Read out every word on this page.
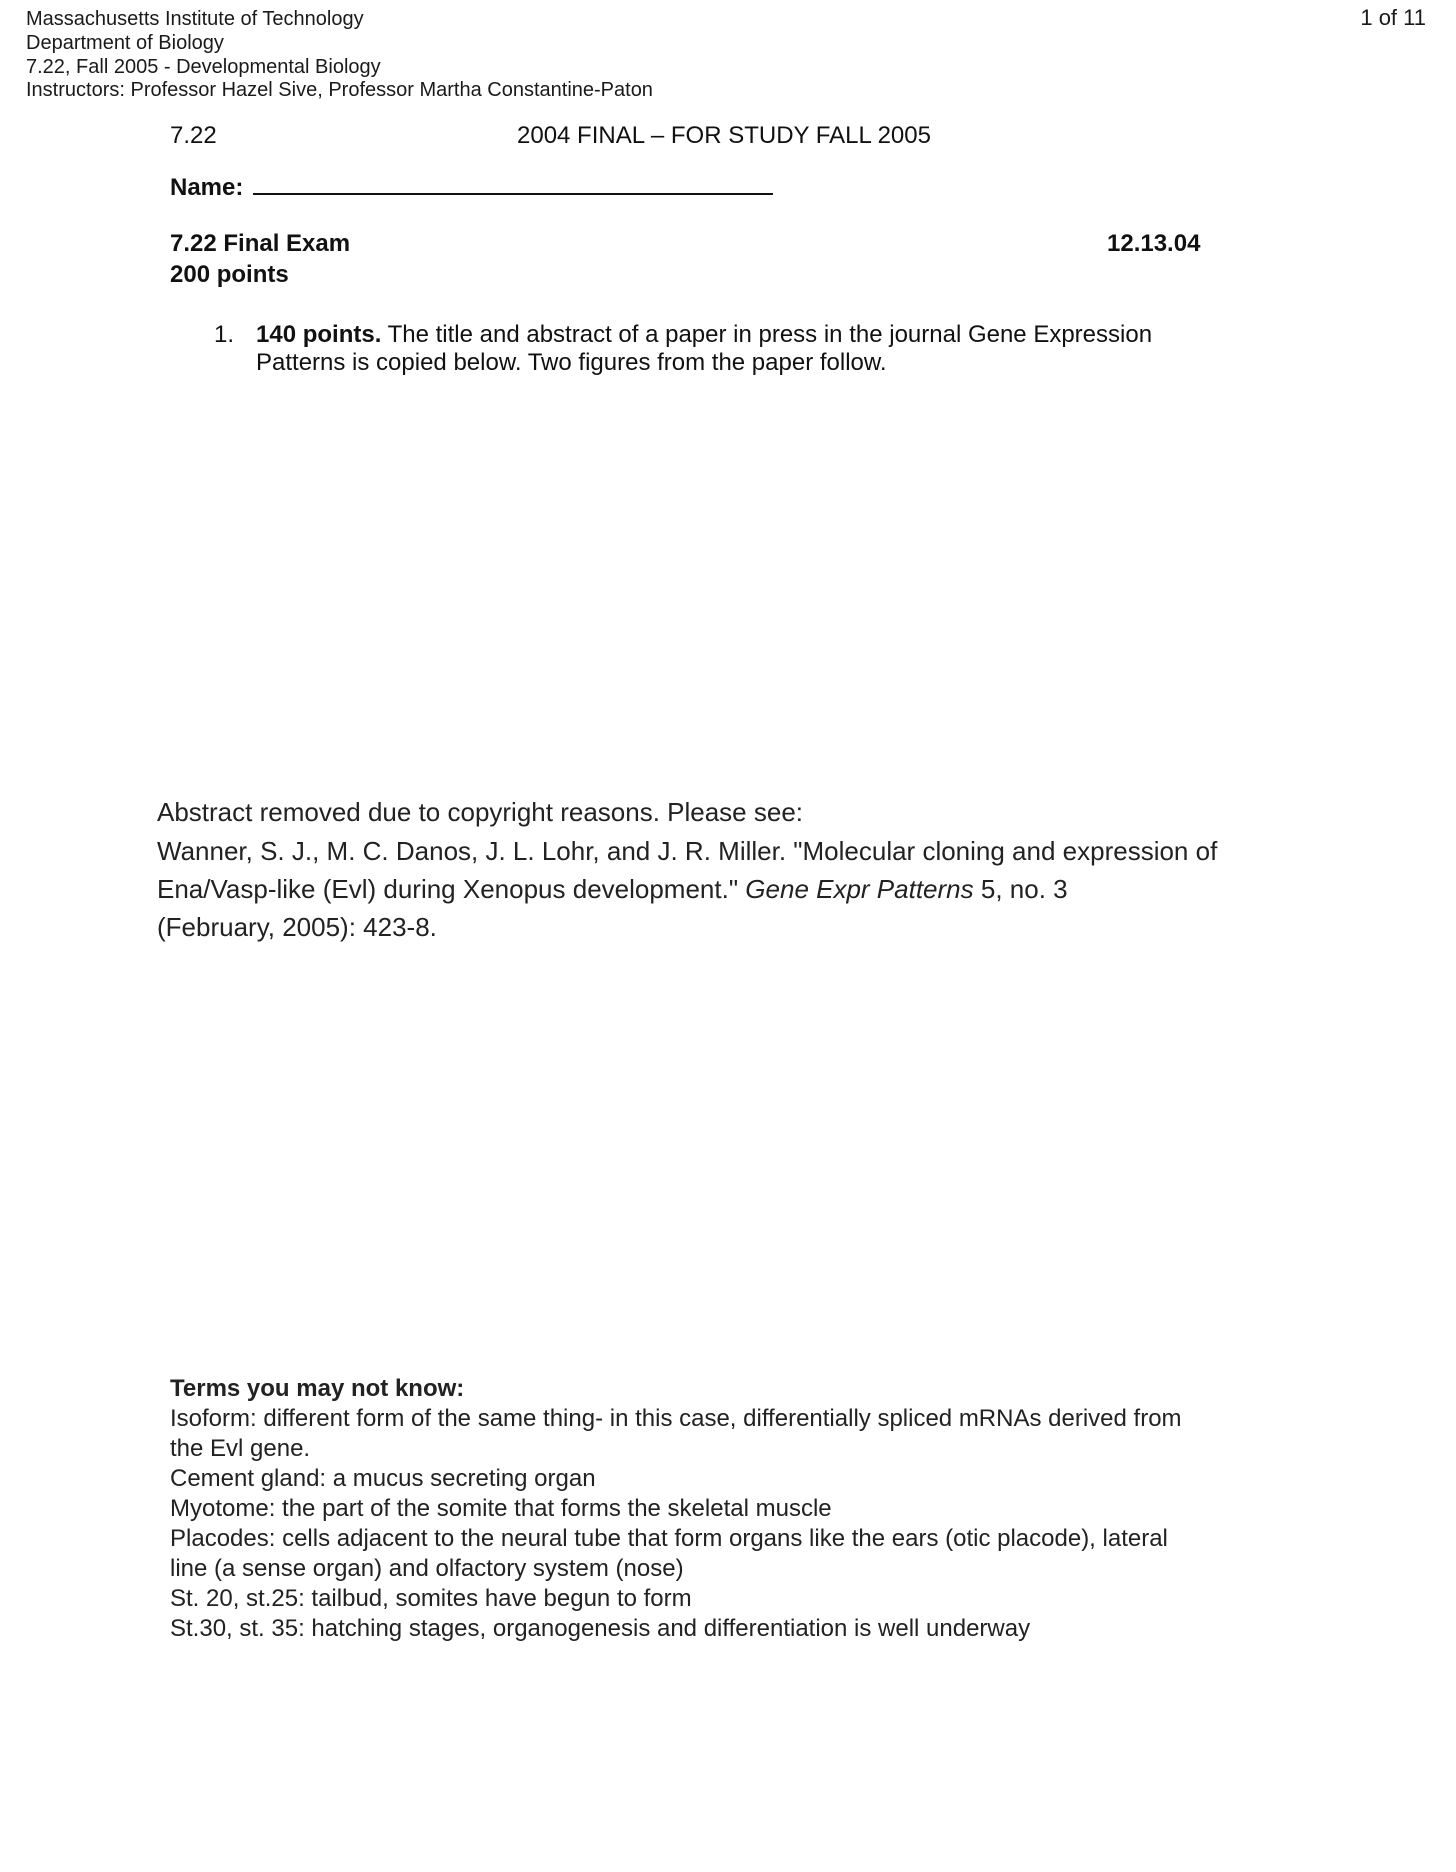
Massachusetts Institute of Technology
Department of Biology
7.22, Fall 2005 - Developmental Biology
Instructors: Professor Hazel Sive, Professor Martha Constantine-Paton
1 of 11
7.22	2004 FINAL – FOR STUDY FALL 2005
Name:
7.22 Final Exam	12.13.04
200 points
1. 140 points. The title and abstract of a paper in press in the journal Gene Expression
Patterns is copied below. Two figures from the paper follow.
Abstract removed due to copyright reasons. Please see:
Wanner, S. J., M. C. Danos, J. L. Lohr, and J. R. Miller. "Molecular cloning and expression of
Ena/Vasp-like (Evl) during Xenopus development." Gene Expr Patterns 5, no. 3
(February, 2005): 423-8.
Terms you may not know:
Isoform: different form of the same thing- in this case, differentially spliced mRNAs derived from
the Evl gene.
Cement gland: a mucus secreting organ
Myotome: the part of the somite that forms the skeletal muscle
Placodes: cells adjacent to the neural tube that form organs like the ears (otic placode), lateral
line (a sense organ) and olfactory system (nose)
St. 20, st.25: tailbud, somites have begun to form
St.30, st. 35: hatching stages, organogenesis and differentiation is well underway
